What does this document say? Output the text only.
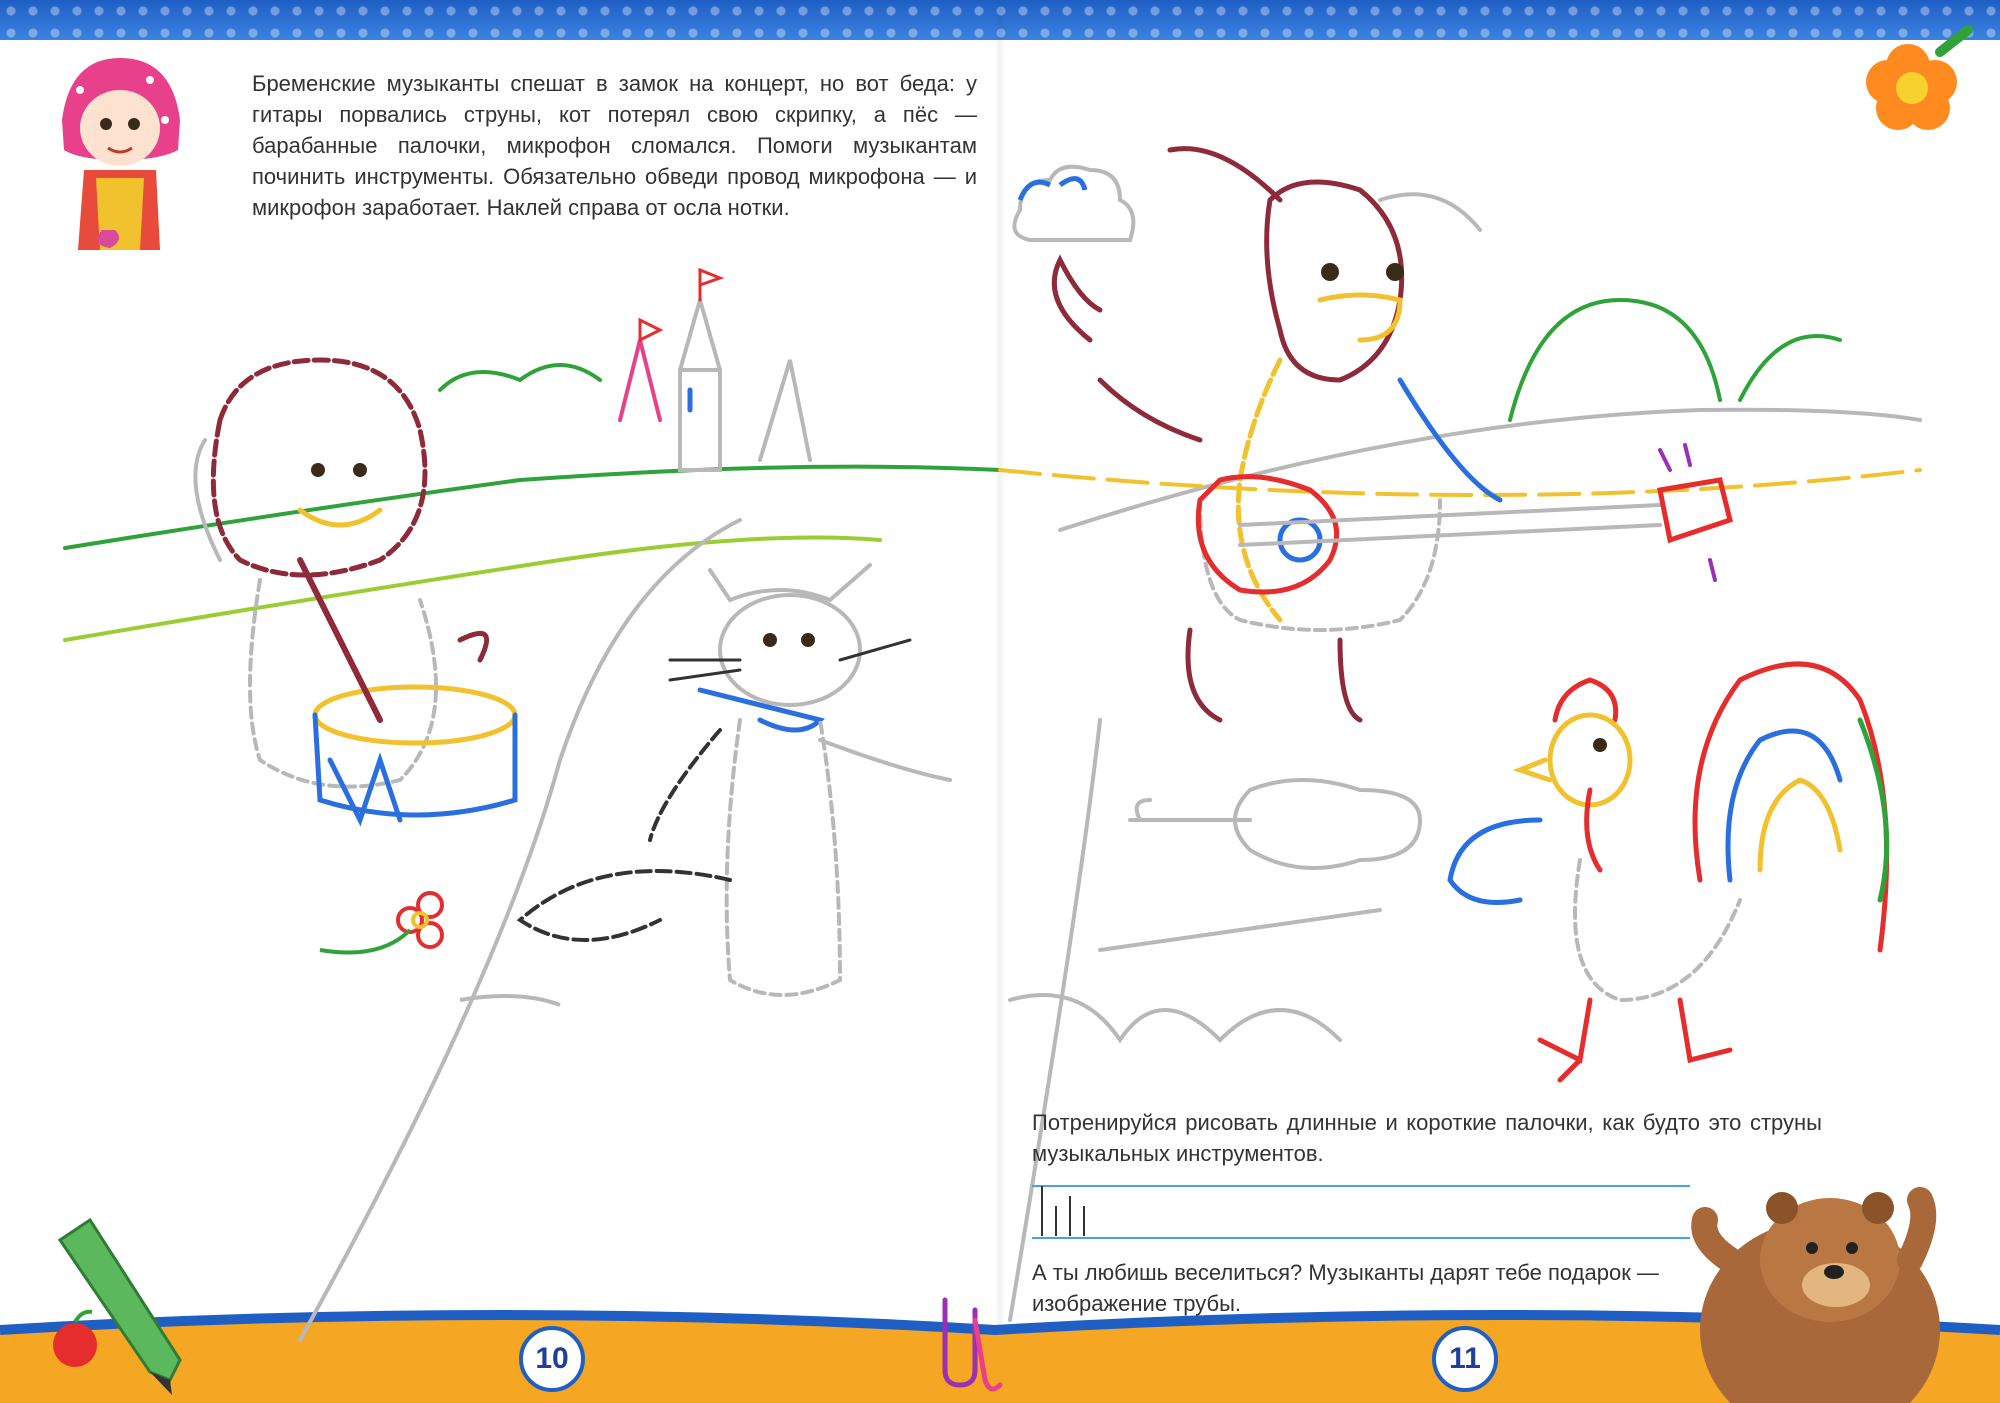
Бременские музыканты спешат в замок на концерт, но вот беда: у гитары порвались струны, кот потерял свою скрипку, а пёс — барабанные палочки, микрофон сломался. Помоги музыкантам починить инструменты. Обязательно обведи провод микрофона — и микрофон заработает. Наклей справа от осла нотки.
Потренируйся рисовать длинные и короткие палочки, как будто это струны музыкальных инструментов.
А ты любишь веселиться? Музыканты дарят тебе подарок — изображение трубы.
10	11
